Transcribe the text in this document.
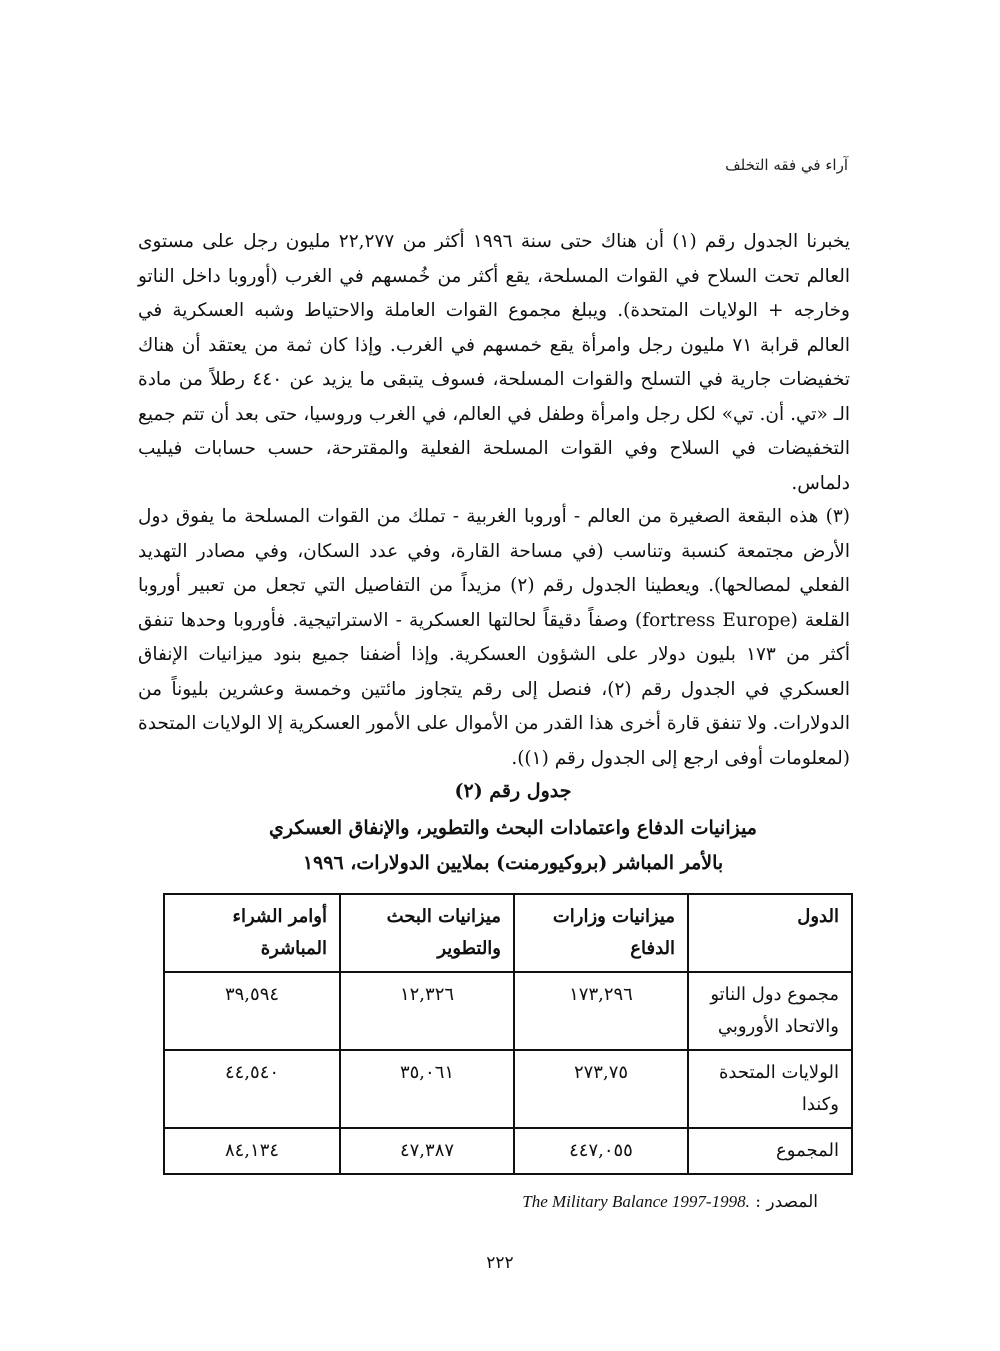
آراء في فقه التخلف

يخبرنا الجدول رقم (١) أن هناك حتى سنة ١٩٩٦ أكثر من ٢٢,٢٧٧ مليون رجل على مستوى العالم تحت السلاح في القوات المسلحة، يقع أكثر من خُمسهم في الغرب (أوروبا داخل الناتو وخارجه + الولايات المتحدة). ويبلغ مجموع القوات العاملة والاحتياط وشبه العسكرية في العالم قرابة ٧١ مليون رجل وامرأة يقع خمسهم في الغرب. وإذا كان ثمة من يعتقد أن هناك تخفيضات جارية في التسلح والقوات المسلحة، فسوف يتبقى ما يزيد عن ٤٤٠ رطلاً من مادة الـ «تي. أن. تي» لكل رجل وامرأة وطفل في العالم، في الغرب وروسيا، حتى بعد أن تتم جميع التخفيضات في السلاح وفي القوات المسلحة الفعلية والمقترحة، حسب حسابات فيليب دلماس.

(٣) هذه البقعة الصغيرة من العالم - أوروبا الغربية - تملك من القوات المسلحة ما يفوق دول الأرض مجتمعة كنسبة وتناسب (في مساحة القارة، وفي عدد السكان، وفي مصادر التهديد الفعلي لمصالحها). ويعطينا الجدول رقم (٢) مزيداً من التفاصيل التي تجعل من تعبير أوروبا القلعة (fortress Europe) وصفاً دقيقاً لحالتها العسكرية - الاستراتيجية. فأوروبا وحدها تنفق أكثر من ١٧٣ بليون دولار على الشؤون العسكرية. وإذا أضفنا جميع بنود ميزانيات الإنفاق العسكري في الجدول رقم (٢)، فنصل إلى رقم يتجاوز مائتين وخمسة وعشرين بليوناً من الدولارات. ولا تنفق قارة أخرى هذا القدر من الأموال على الأمور العسكرية إلا الولايات المتحدة (لمعلومات أوفى ارجع إلى الجدول رقم (١)).

جدول رقم (٢)

ميزانيات الدفاع واعتمادات البحث والتطوير، والإنفاق العسكري

بالأمر المباشر (بروكيورمنت) بملايين الدولارات، ١٩٩٦

الدول	ميزانيات وزارات الدفاع	ميزانيات البحث والتطوير	أوامر الشراء المباشرة
مجموع دول الناتو والاتحاد الأوروبي	١٧٣,٢٩٦	١٢,٣٢٦	٣٩,٥٩٤
الولايات المتحدة وكندا	٢٧٣,٧٥	٣٥,٠٦١	٤٤,٥٤٠
المجموع	٤٤٧,٠٥٥	٤٧,٣٨٧	٨٤,١٣٤
المصدر : The Military Balance 1997-1998.
٢٢٢
